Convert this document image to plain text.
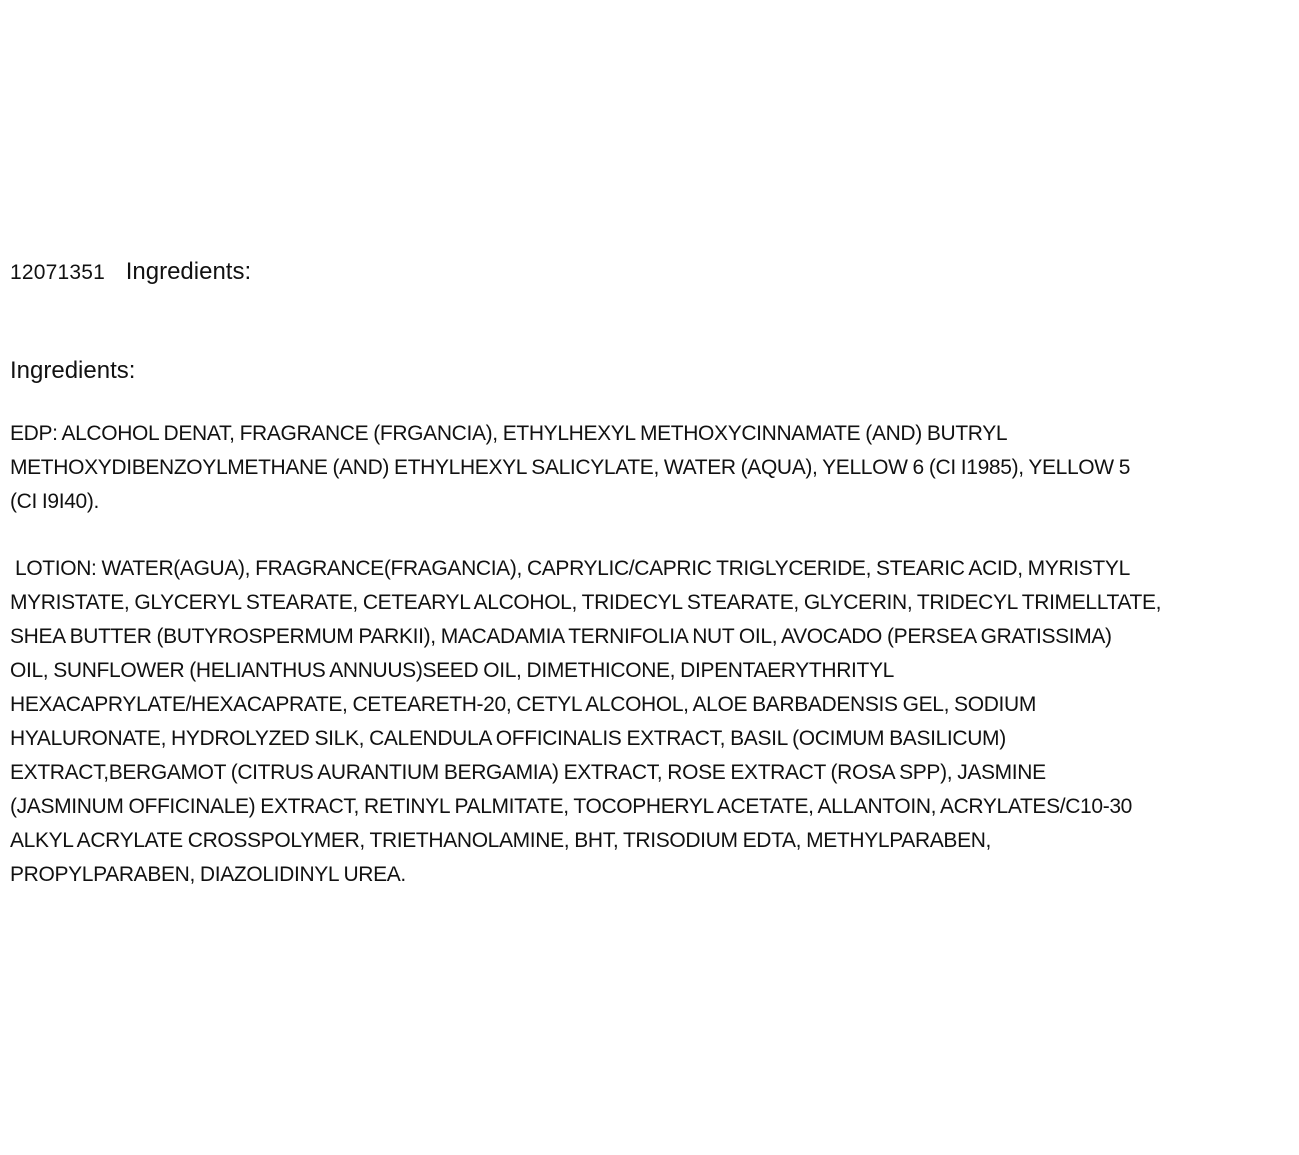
12071351 Ingredients:
Ingredients:
EDP: ALCOHOL DENAT, FRAGRANCE (FRGANCIA), ETHYLHEXYL METHOXYCINNAMATE (AND) BUTRYL
METHOXYDIBENZOYLMETHANE (AND) ETHYLHEXYL SALICYLATE, WATER (AQUA), YELLOW 6 (CI I1985), YELLOW 5
(CI I9I40).
LOTION: WATER(AGUA), FRAGRANCE(FRAGANCIA), CAPRYLIC/CAPRIC TRIGLYCERIDE, STEARIC ACID, MYRISTYL
MYRISTATE, GLYCERYL STEARATE, CETEARYL ALCOHOL, TRIDECYL STEARATE, GLYCERIN, TRIDECYL TRIMELLTATE,
SHEA BUTTER (BUTYROSPERMUM PARKII), MACADAMIA TERNIFOLIA NUT OIL, AVOCADO (PERSEA GRATISSIMA)
OIL, SUNFLOWER (HELIANTHUS ANNUUS)SEED OIL, DIMETHICONE, DIPENTAERYTHRITYL
HEXACAPRYLATE/HEXACAPRATE, CETEARETH-20, CETYL ALCOHOL, ALOE BARBADENSIS GEL, SODIUM
HYALURONATE, HYDROLYZED SILK, CALENDULA OFFICINALIS EXTRACT, BASIL (OCIMUM BASILICUM)
EXTRACT,BERGAMOT (CITRUS AURANTIUM BERGAMIA) EXTRACT, ROSE EXTRACT (ROSA SPP), JASMINE
(JASMINUM OFFICINALE) EXTRACT, RETINYL PALMITATE, TOCOPHERYL ACETATE, ALLANTOIN, ACRYLATES/C10-30
ALKYL ACRYLATE CROSSPOLYMER, TRIETHANOLAMINE, BHT, TRISODIUM EDTA, METHYLPARABEN,
PROPYLPARABEN, DIAZOLIDINYL UREA.
